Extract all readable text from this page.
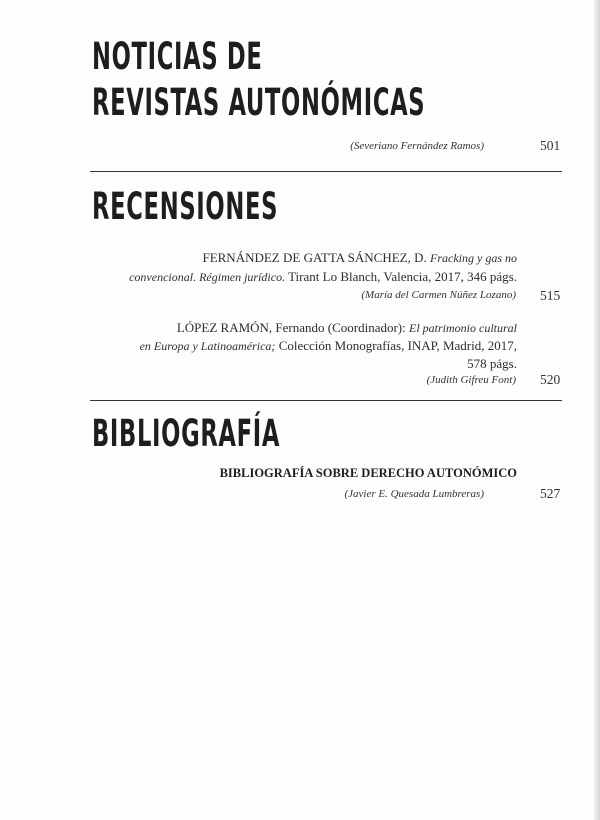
NOTICIAS DE
REVISTAS AUTONÓMICAS
(Severiano Fernández Ramos)	501
RECENSIONES
FERNÁNDEZ DE GATTA SÁNCHEZ, D. Fracking y gas no
convencional. Régimen jurídico. Tirant Lo Blanch, Valencia, 2017, 346 págs.
(María del Carmen Núñez Lozano) 515
LÓPEZ RAMÓN, Fernando (Coordinador): El patrimonio cultural
en Europa y Latinoamérica; Colección Monografías, INAP, Madrid, 2017,
578 págs.
(Judith Gifreu Font) 520
BIBLIOGRAFÍA
BIBLIOGRAFÍA SOBRE DERECHO AUTONÓMICO
(Javier E. Quesada Lumbreras)	527
